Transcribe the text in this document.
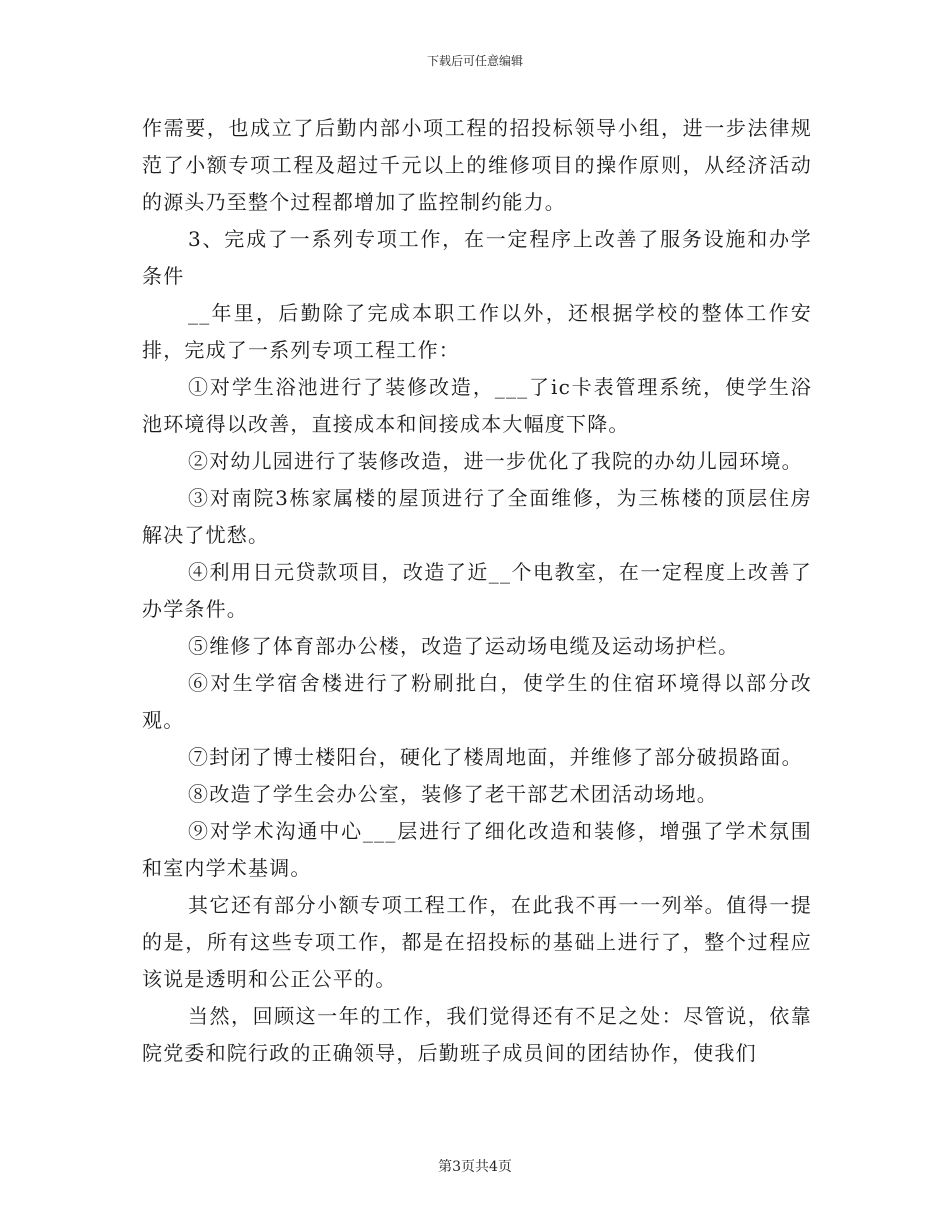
下载后可任意编辑

作需要，也成立了后勤内部小项工程的招投标领导小组，进一步法律规范了小额专项工程及超过千元以上的维修项目的操作原则，从经济活动的源头乃至整个过程都增加了监控制约能力。

3、完成了一系列专项工作，在一定程序上改善了服务设施和办学条件

__年里，后勤除了完成本职工作以外，还根据学校的整体工作安排，完成了一系列专项工程工作：

①对学生浴池进行了装修改造，___了ic卡表管理系统，使学生浴池环境得以改善，直接成本和间接成本大幅度下降。

②对幼儿园进行了装修改造，进一步优化了我院的办幼儿园环境。

③对南院3栋家属楼的屋顶进行了全面维修，为三栋楼的顶层住房解决了忧愁。

④利用日元贷款项目，改造了近__个电教室，在一定程度上改善了办学条件。

⑤维修了体育部办公楼，改造了运动场电缆及运动场护栏。

⑥对生学宿舍楼进行了粉刷批白，使学生的住宿环境得以部分改观。

⑦封闭了博士楼阳台，硬化了楼周地面，并维修了部分破损路面。

⑧改造了学生会办公室，装修了老干部艺术团活动场地。

⑨对学术沟通中心___层进行了细化改造和装修，增强了学术氛围和室内学术基调。

其它还有部分小额专项工程工作，在此我不再一一列举。值得一提的是，所有这些专项工作，都是在招投标的基础上进行了，整个过程应该说是透明和公正公平的。

当然，回顾这一年的工作，我们觉得还有不足之处：尽管说，依靠院党委和院行政的正确领导，后勤班子成员间的团结协作，使我们

第3页共4页
